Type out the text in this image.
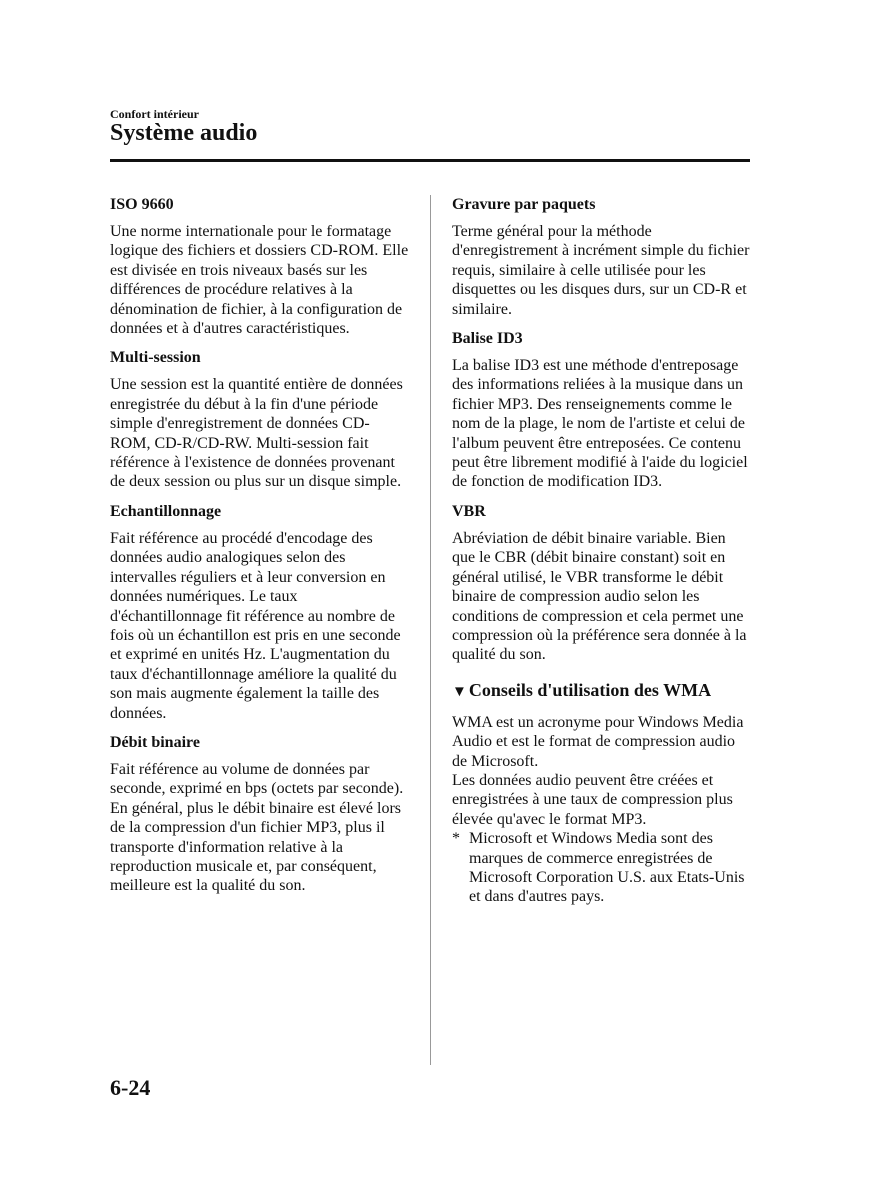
Confort intérieur
Système audio
ISO 9660

Une norme internationale pour le formatage logique des fichiers et dossiers CD-ROM. Elle est divisée en trois niveaux basés sur les différences de procédure relatives à la dénomination de fichier, à la configuration de données et à d'autres caractéristiques.

Multi-session

Une session est la quantité entière de données enregistrée du début à la fin d'une période simple d'enregistrement de données CD-ROM, CD-R/CD-RW. Multi-session fait référence à l'existence de données provenant de deux session ou plus sur un disque simple.

Echantillonnage

Fait référence au procédé d'encodage des données audio analogiques selon des intervalles réguliers et à leur conversion en données numériques. Le taux d'échantillonnage fit référence au nombre de fois où un échantillon est pris en une seconde et exprimé en unités Hz. L'augmentation du taux d'échantillonnage améliore la qualité du son mais augmente également la taille des données.

Débit binaire

Fait référence au volume de données par seconde, exprimé en bps (octets par seconde). En général, plus le débit binaire est élevé lors de la compression d'un fichier MP3, plus il transporte d'information relative à la reproduction musicale et, par conséquent, meilleure est la qualité du son.

Gravure par paquets

Terme général pour la méthode d'enregistrement à incrément simple du fichier requis, similaire à celle utilisée pour les disquettes ou les disques durs, sur un CD-R et similaire.

Balise ID3

La balise ID3 est une méthode d'entreposage des informations reliées à la musique dans un fichier MP3. Des renseignements comme le nom de la plage, le nom de l'artiste et celui de l'album peuvent être entreposées. Ce contenu peut être librement modifié à l'aide du logiciel de fonction de modification ID3.

VBR

Abréviation de débit binaire variable. Bien que le CBR (débit binaire constant) soit en général utilisé, le VBR transforme le débit binaire de compression audio selon les conditions de compression et cela permet une compression où la préférence sera donnée à la qualité du son.

▼ Conseils d'utilisation des WMA

WMA est un acronyme pour Windows Media Audio et est le format de compression audio de Microsoft.

Les données audio peuvent être créées et enregistrées à une taux de compression plus élevée qu'avec le format MP3.

* Microsoft et Windows Media sont des marques de commerce enregistrées de Microsoft Corporation U.S. aux Etats-Unis et dans d'autres pays.
6-24
